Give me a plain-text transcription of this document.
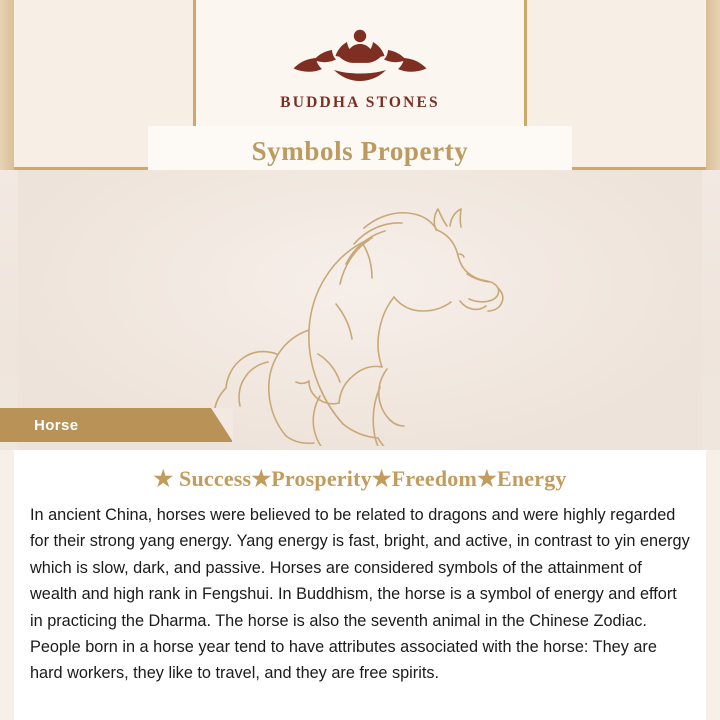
BUDDHA STONES
Symbols Property
Horse
★ Success★Prosperity★Freedom★Energy
In ancient China, horses were believed to be related to dragons and were highly regarded for their strong yang energy. Yang energy is fast, bright, and active, in contrast to yin energy which is slow, dark, and passive. Horses are considered symbols of the attainment of wealth and high rank in Fengshui. In Buddhism, the horse is a symbol of energy and effort in practicing the Dharma. The horse is also the seventh animal in the Chinese Zodiac. People born in a horse year tend to have attributes associated with the horse: They are hard workers, they like to travel, and they are free spirits.
